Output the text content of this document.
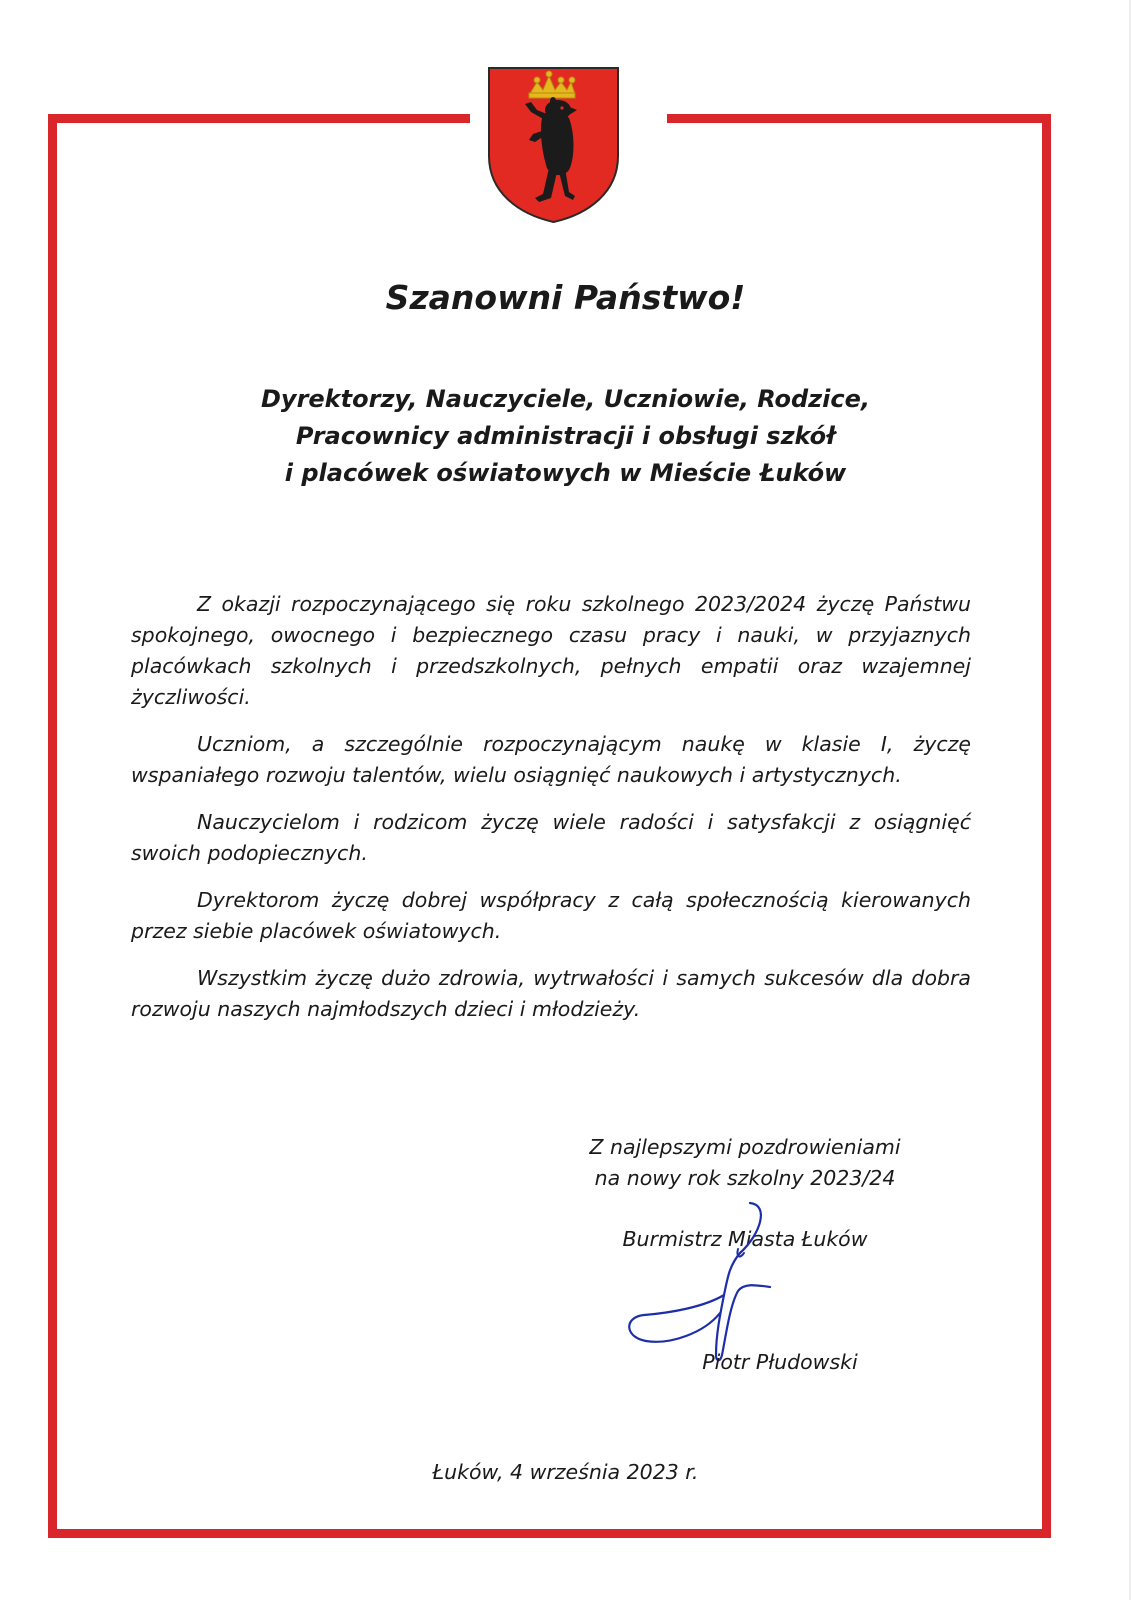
Szanowni Państwo!
Dyrektorzy, Nauczyciele, Uczniowie, Rodzice,
Pracownicy administracji i obsługi szkół
i placówek oświatowych w Mieście Łuków

Z okazji rozpoczynającego się roku szkolnego 2023/2024 życzę Państwu spokojnego, owocnego i bezpiecznego czasu pracy i nauki, w przyjaznych placówkach szkolnych i przedszkolnych, pełnych empatii oraz wzajemnej życzliwości.

Uczniom, a szczególnie rozpoczynającym naukę w klasie I, życzę wspaniałego rozwoju talentów, wielu osiągnięć naukowych i artystycznych.

Nauczycielom i rodzicom życzę wiele radości i satysfakcji z osiągnięć swoich podopiecznych.

Dyrektorom życzę dobrej współpracy z całą społecznością kierowanych przez siebie placówek oświatowych.

Wszystkim życzę dużo zdrowia, wytrwałości i samych sukcesów dla dobra rozwoju naszych najmłodszych dzieci i młodzieży.

Z najlepszymi pozdrowieniami
na nowy rok szkolny 2023/24
Burmistrz Miasta Łuków
Piotr Płudowski
Łuków, 4 września 2023 r.
